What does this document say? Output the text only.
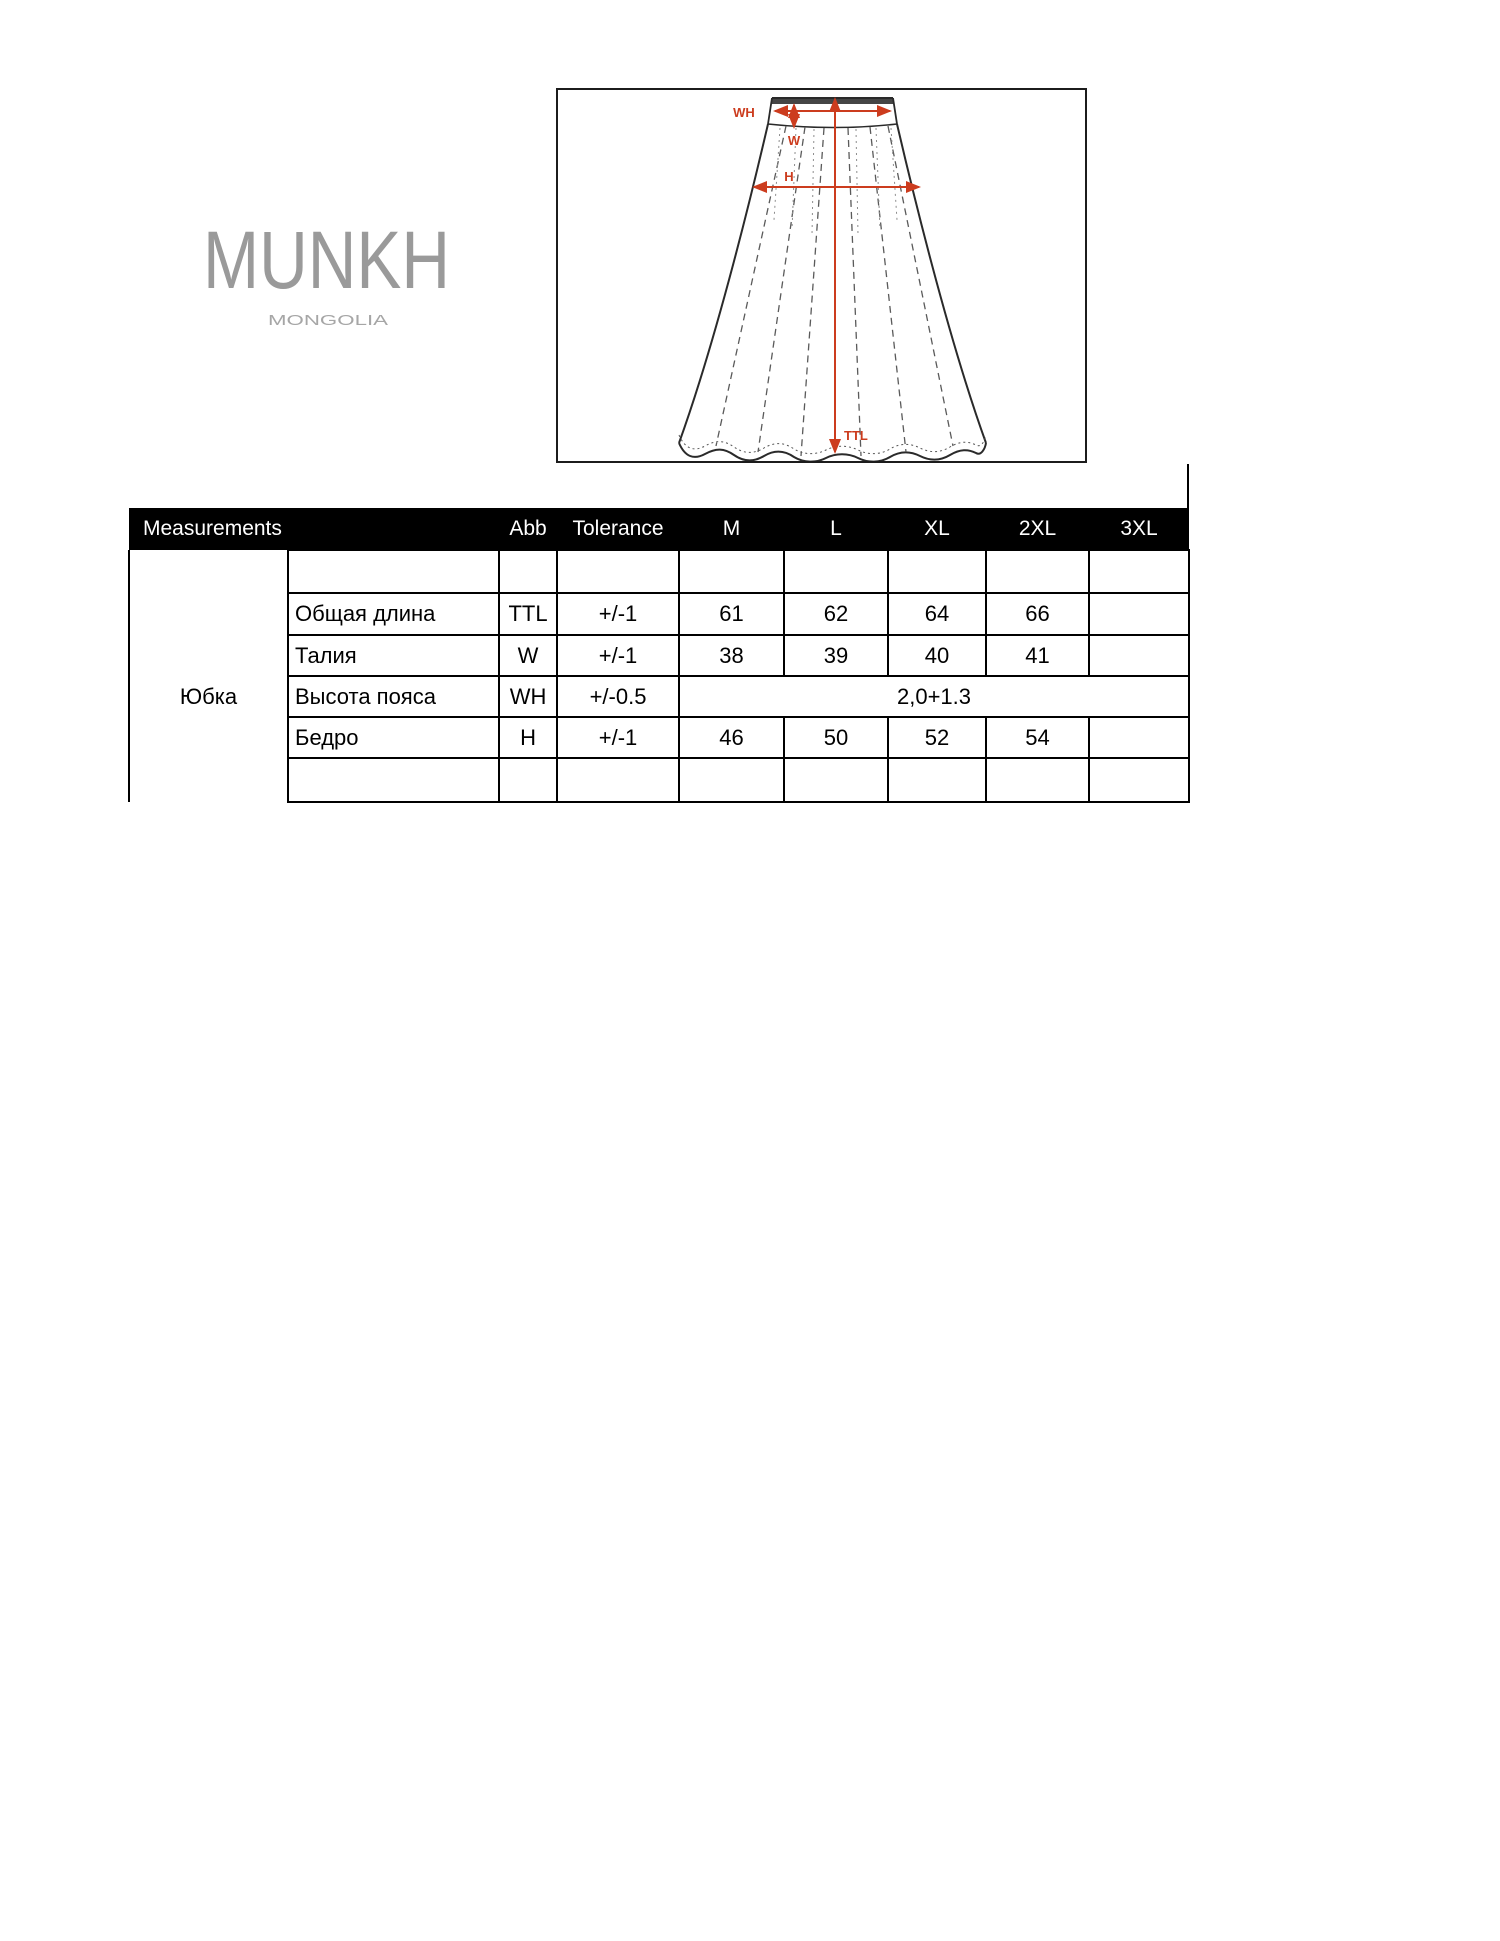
MUNKH
MONGOLIA
WH
W
H
TTL
Measurements		Abb	Tolerance	M	L	XL	2XL	3XL
Юбка								
	Общая длина	TTL	+/-1	61	62	64	66	
	Талия	W	+/-1	38	39	40	41	
	Высота пояса	WH	+/-0.5	2,0+1.3				
	Бедро	H	+/-1	46	50	52	54	
